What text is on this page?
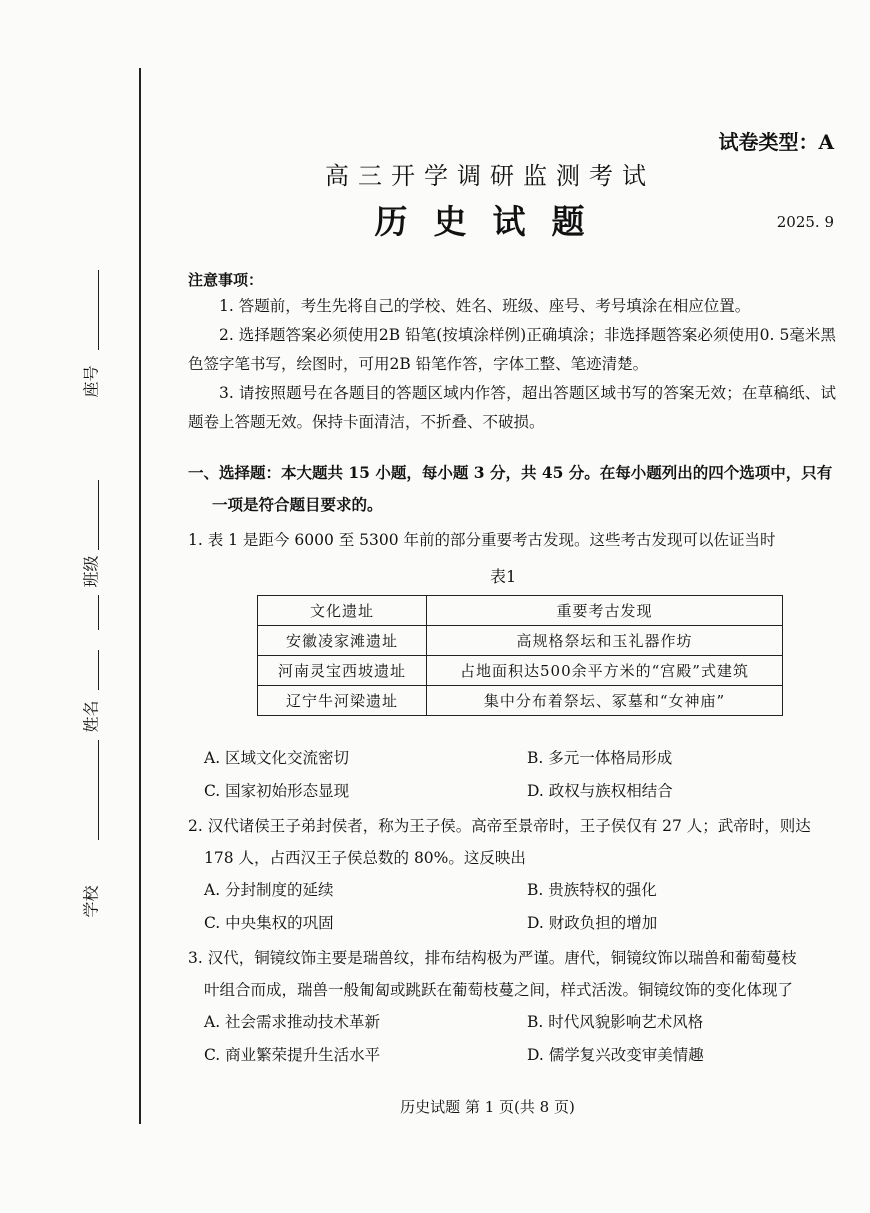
座号
班级
姓名
学校
试卷类型：A
高三开学调研监测考试
历史试题	2025. 9
注意事项：
1. 答题前，考生先将自己的学校、姓名、班级、座号、考号填涂在相应位置。
2. 选择题答案必须使用2B 铅笔(按填涂样例)正确填涂；非选择题答案必须使用0. 5毫米黑色签字笔书写，绘图时，可用2B 铅笔作答，字体工整、笔迹清楚。
3. 请按照题号在各题目的答题区域内作答，超出答题区域书写的答案无效；在草稿纸、试题卷上答题无效。保持卡面清洁，不折叠、不破损。
一、选择题：本大题共 15 小题，每小题 3 分，共 45 分。在每小题列出的四个选项中，只有
一项是符合题目要求的。
1. 表 1 是距今 6000 至 5300 年前的部分重要考古发现。这些考古发现可以佐证当时
表1
文化遗址	重要考古发现
安徽凌家滩遗址	高规格祭坛和玉礼器作坊
河南灵宝西坡遗址	占地面积达500余平方米的“宫殿”式建筑
辽宁牛河梁遗址	集中分布着祭坛、冢墓和“女神庙”
A. 区域文化交流密切	B. 多元一体格局形成
C. 国家初始形态显现	D. 政权与族权相结合
2. 汉代诸侯王子弟封侯者，称为王子侯。高帝至景帝时，王子侯仅有 27 人；武帝时，则达
178 人，占西汉王子侯总数的 80%。这反映出
A. 分封制度的延续	B. 贵族特权的强化
C. 中央集权的巩固	D. 财政负担的增加
3. 汉代，铜镜纹饰主要是瑞兽纹，排布结构极为严谨。唐代，铜镜纹饰以瑞兽和葡萄蔓枝
叶组合而成，瑞兽一般匍匐或跳跃在葡萄枝蔓之间，样式活泼。铜镜纹饰的变化体现了
A. 社会需求推动技术革新	B. 时代风貌影响艺术风格
C. 商业繁荣提升生活水平	D. 儒学复兴改变审美情趣
历史试题 第 1 页(共 8 页)
